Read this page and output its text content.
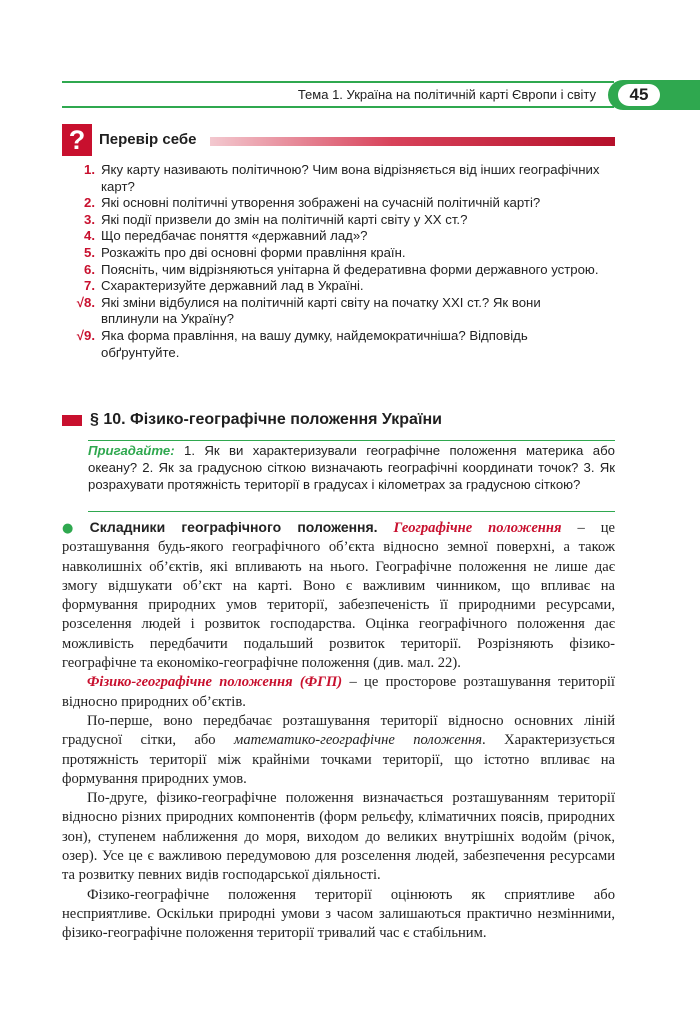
Тема 1. Україна на політичній карті Європи і світу	45
? Перевір себе
1. Яку карту називають політичною? Чим вона відрізняється від інших географічних карт?
2. Які основні політичні утворення зображені на сучасній політичній карті?
3. Які події призвели до змін на політичній карті світу у XX ст.?
4. Що передбачає поняття «державний лад»?
5. Розкажіть про дві основні форми правління країн.
6. Поясніть, чим відрізняються унітарна й федеративна форми державного устрою.
7. Схарактеризуйте державний лад в Україні.
√8. Які зміни відбулися на політичній карті світу на початку XXI ст.? Як вони вплинули на Україну?
√9. Яка форма правління, на вашу думку, найдемократичніша? Відповідь обґрунтуйте.
§ 10. Фізико-географічне положення України
Пригадайте: 1. Як ви характеризували географічне положення материка або океану? 2. Як за градусною сіткою визначають географічні координати точок? 3. Як розрахувати протяжність території в градусах і кілометрах за градусною сіткою?

● Складники географічного положення. Географічне положення – це розташування будь-якого географічного об’єкта відносно земної поверхні, а також навколишніх об’єктів, які впливають на нього. Географічне положення не лише дає змогу відшукати об’єкт на карті. Воно є важливим чинником, що впливає на формування природних умов території, забезпеченість її природними ресурсами, розселення людей і розвиток господарства. Оцінка географічного положення дає можливість передбачити подальший розвиток території. Розрізняють фізико-географічне та економіко-географічне положення (див. мал. 22).

Фізико-географічне положення (ФГП) – це просторове розташування території відносно природних об’єктів.

По-перше, воно передбачає розташування території відносно основних ліній градусної сітки, або математико-географічне положення. Характеризується протяжність території між крайніми точками території, що істотно впливає на формування природних умов.

По-друге, фізико-географічне положення визначається розташуванням території відносно різних природних компонентів (форм рельєфу, кліматичних поясів, природних зон), ступенем наближення до моря, виходом до великих внутрішніх водойм (річок, озер). Усе це є важливою передумовою для розселення людей, забезпечення ресурсами та розвитку певних видів господарської діяльності.

Фізико-географічне положення території оцінюють як сприятливе або несприятливе. Оскільки природні умови з часом залишаються практично незмінними, фізико-географічне положення території тривалий час є стабільним.
